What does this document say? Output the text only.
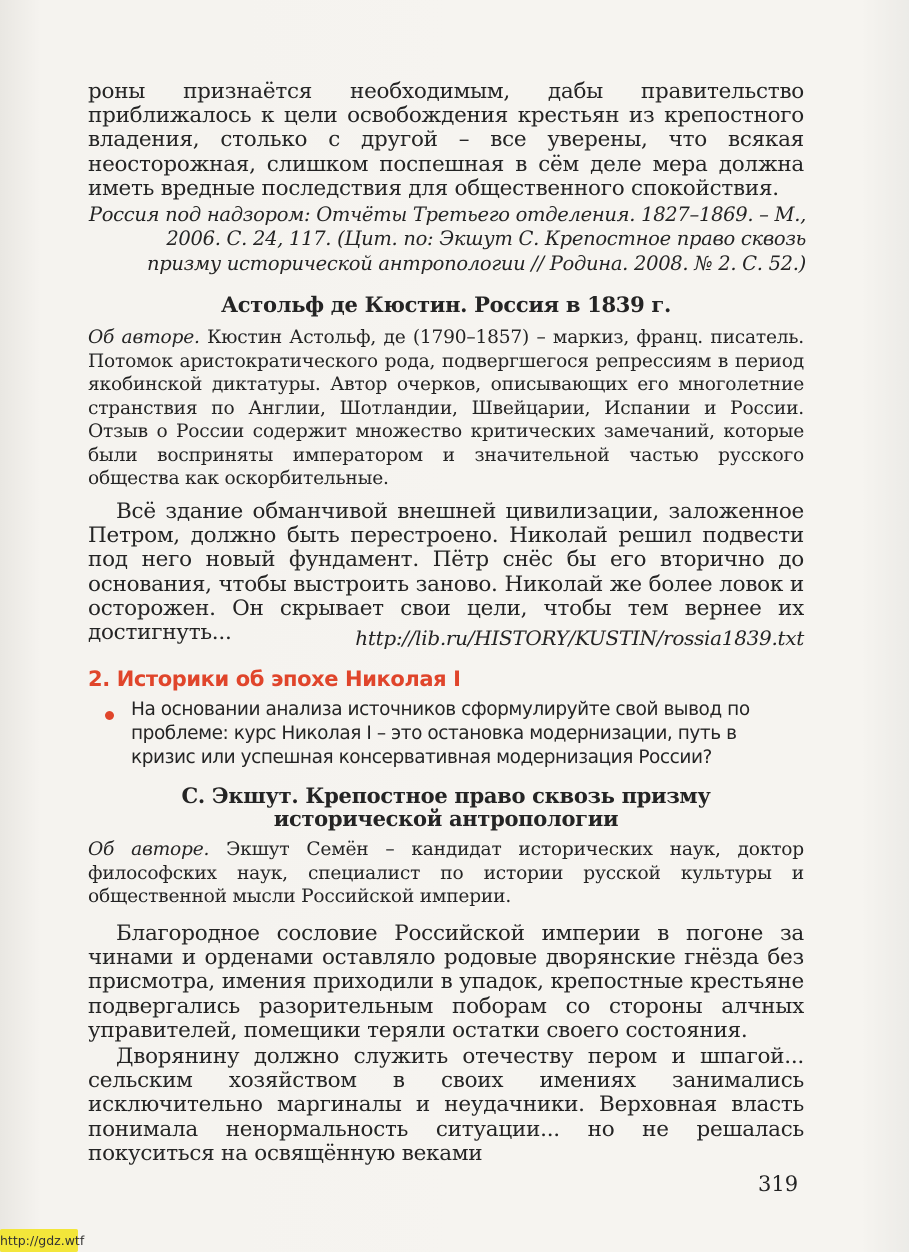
роны признаётся необходимым, дабы правительство приближалось к цели освобождения крестьян из крепостного владения, столько с другой – все уверены, что всякая неосторожная, слишком поспешная в сём деле мера должна иметь вредные последствия для общественного спокойствия.
Россия под надзором: Отчёты Третьего отделения. 1827–1869. – М., 2006. С. 24, 117. (Цит. по: Экшут С. Крепостное право сквозь призму исторической антропологии // Родина. 2008. № 2. С. 52.)
Астольф де Кюстин. Россия в 1839 г.
Об авторе. Кюстин Астольф, де (1790–1857) – маркиз, франц. писатель. Потомок аристократического рода, подвергшегося репрессиям в период якобинской диктатуры. Автор очерков, описывающих его многолетние странствия по Англии, Шотландии, Швейцарии, Испании и России. Отзыв о России содержит множество критических замечаний, которые были восприняты императором и значительной частью русского общества как оскорбительные.
Всё здание обманчивой внешней цивилизации, заложенное Петром, должно быть перестроено. Николай решил подвести под него новый фундамент. Пётр снёс бы его вторично до основания, чтобы выстроить заново. Николай же более ловок и осторожен. Он скрывает свои цели, чтобы тем вернее их достигнуть...	http://lib.ru/HISTORY/KUSTIN/rossia1839.txt
2. Историки об эпохе Николая I
На основании анализа источников сформулируйте свой вывод по проблеме: курс Николая I – это остановка модернизации, путь в кризис или успешная консервативная модернизация России?
С. Экшут. Крепостное право сквозь призму
исторической антропологии
Об авторе. Экшут Семён – кандидат исторических наук, доктор философских наук, специалист по истории русской культуры и общественной мысли Российской империи.
Благородное сословие Российской империи в погоне за чинами и орденами оставляло родовые дворянские гнёзда без присмотра, имения приходили в упадок, крепостные крестьяне подвергались разорительным поборам со стороны алчных управителей, помещики теряли остатки своего состояния.
Дворянину должно служить отечеству пером и шпагой... сельским хозяйством в своих имениях занимались исключительно маргиналы и неудачники. Верховная власть понимала ненормальность ситуации... но не решалась покуситься на освящённую веками
319
http://gdz.wtf
